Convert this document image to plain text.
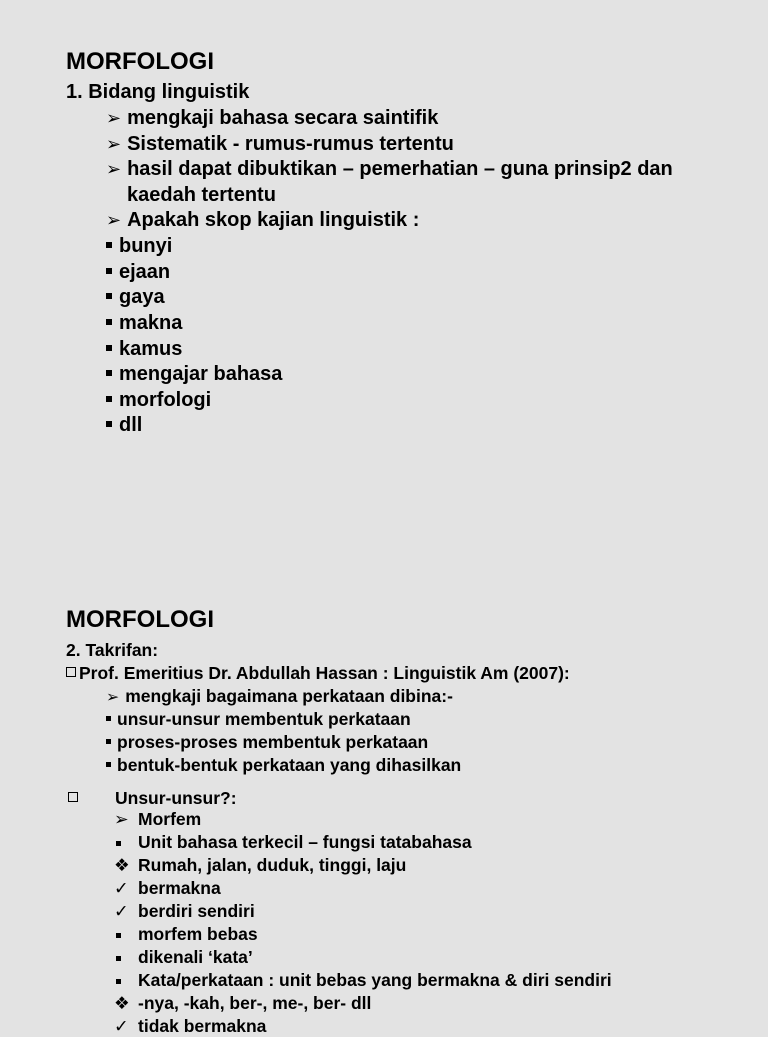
MORFOLOGI
1. Bidang linguistik
➢ mengkaji bahasa secara saintifik
➢ Sistematik - rumus-rumus tertentu
➢ hasil dapat dibuktikan – pemerhatian – guna prinsip2 dan
kaedah tertentu
➢ Apakah skop kajian linguistik :
bunyi
ejaan
gaya
makna
kamus
mengajar bahasa
morfologi
dll
MORFOLOGI
2. Takrifan:
Prof. Emeritius Dr. Abdullah Hassan : Linguistik Am (2007):
➢ mengkaji bagaimana perkataan dibina:-
unsur-unsur membentuk perkataan
proses-proses membentuk perkataan
bentuk-bentuk perkataan yang dihasilkan
Unsur-unsur?:
➢ Morfem
Unit bahasa terkecil – fungsi tatabahasa
❖ Rumah, jalan, duduk, tinggi, laju
✓ bermakna
✓ berdiri sendiri
morfem bebas
dikenali ‘kata’
Kata/perkataan : unit bebas yang bermakna & diri sendiri
❖ -nya, -kah, ber-, me-, ber- dll
✓ tidak bermakna
